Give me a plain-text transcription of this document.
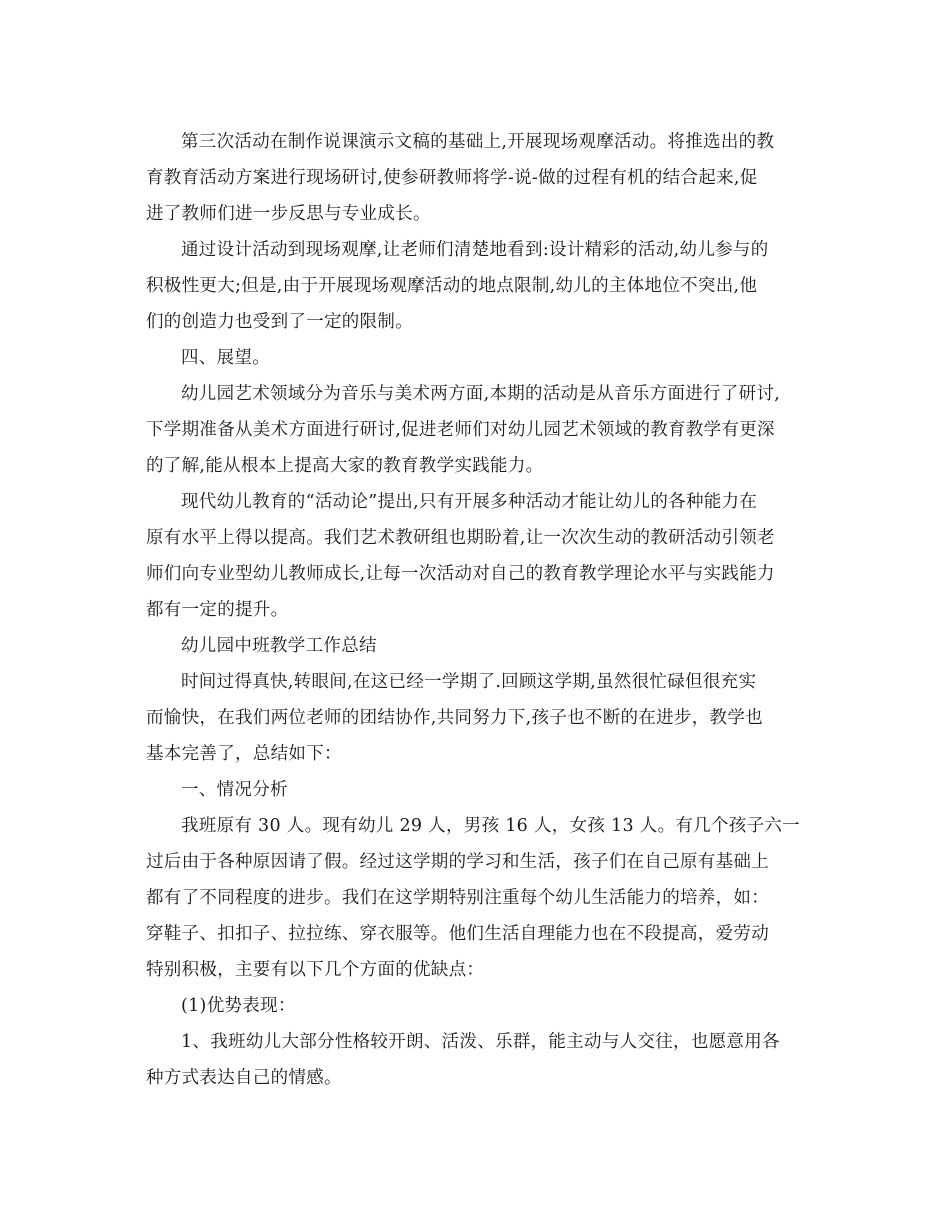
第三次活动在制作说课演示文稿的基础上,开展现场观摩活动。将推选出的教
育教育活动方案进行现场研讨,使参研教师将学-说-做的过程有机的结合起来,促
进了教师们进一步反思与专业成长。

通过设计活动到现场观摩,让老师们清楚地看到:设计精彩的活动,幼儿参与的
积极性更大;但是,由于开展现场观摩活动的地点限制,幼儿的主体地位不突出,他
们的创造力也受到了一定的限制。

四、展望。

幼儿园艺术领域分为音乐与美术两方面,本期的活动是从音乐方面进行了研讨,
下学期准备从美术方面进行研讨,促进老师们对幼儿园艺术领域的教育教学有更深
的了解,能从根本上提高大家的教育教学实践能力。

现代幼儿教育的“活动论”提出,只有开展多种活动才能让幼儿的各种能力在
原有水平上得以提高。我们艺术教研组也期盼着,让一次次生动的教研活动引领老
师们向专业型幼儿教师成长,让每一次活动对自己的教育教学理论水平与实践能力
都有一定的提升。

幼儿园中班教学工作总结

时间过得真快,转眼间,在这已经一学期了.回顾这学期,虽然很忙碌但很充实
而愉快，在我们两位老师的团结协作,共同努力下,孩子也不断的在进步，教学也
基本完善了，总结如下：

一、情况分析

我班原有 30 人。现有幼儿 29 人，男孩 16 人，女孩 13 人。有几个孩子六一
过后由于各种原因请了假。经过这学期的学习和生活，孩子们在自己原有基础上
都有了不同程度的进步。我们在这学期特别注重每个幼儿生活能力的培养，如：
穿鞋子、扣扣子、拉拉练、穿衣服等。他们生活自理能力也在不段提高，爱劳动
特别积极，主要有以下几个方面的优缺点：

(1)优势表现：

1、我班幼儿大部分性格较开朗、活泼、乐群，能主动与人交往，也愿意用各
种方式表达自己的情感。
